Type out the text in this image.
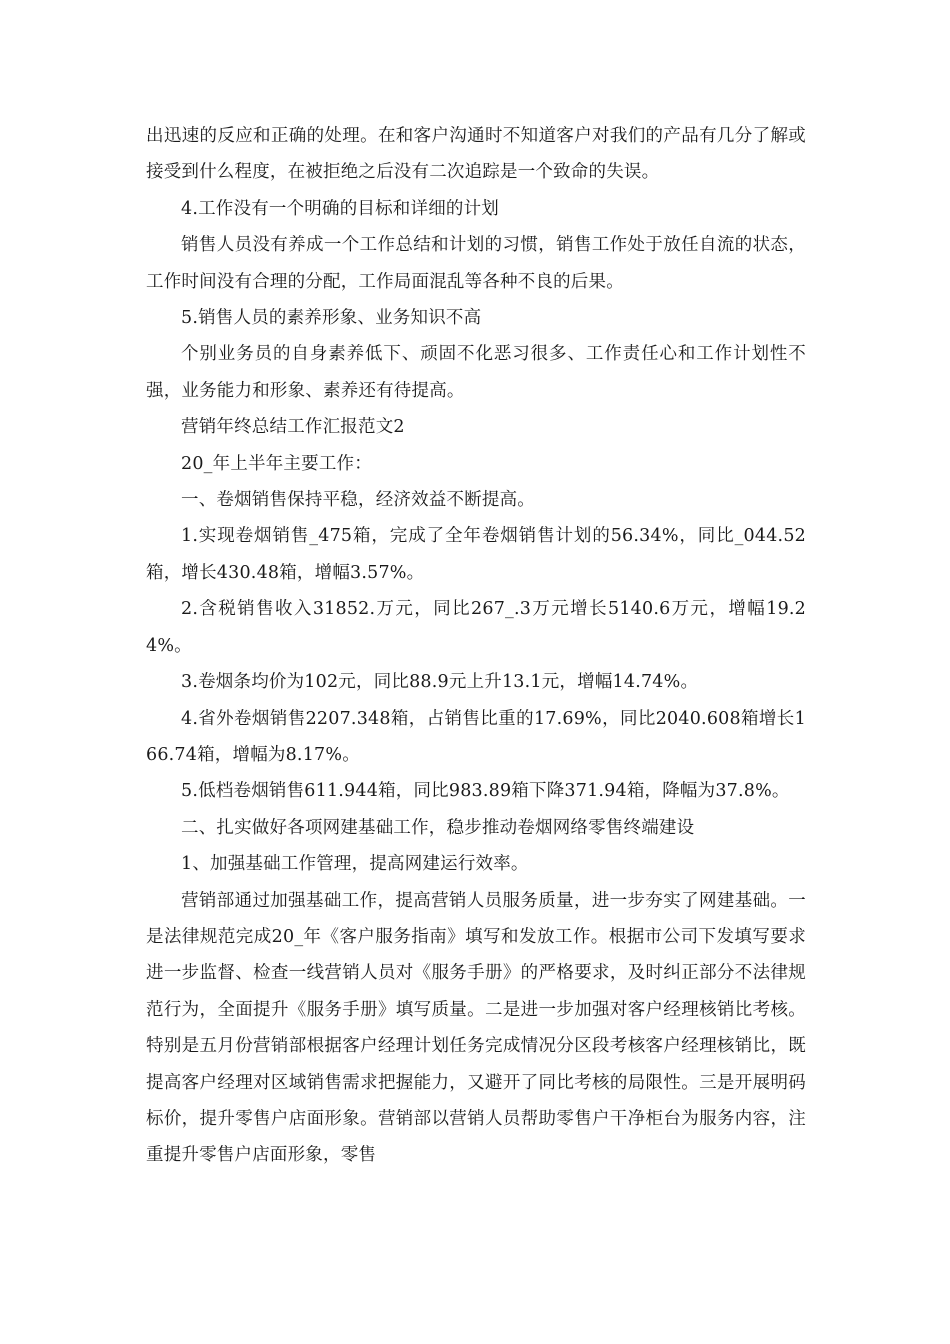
出迅速的反应和正确的处理。在和客户沟通时不知道客户对我们的产品有几分了解或接受到什么程度，在被拒绝之后没有二次追踪是一个致命的失误。

4.工作没有一个明确的目标和详细的计划

销售人员没有养成一个工作总结和计划的习惯，销售工作处于放任自流的状态，工作时间没有合理的分配，工作局面混乱等各种不良的后果。

5.销售人员的素养形象、业务知识不高

个别业务员的自身素养低下、顽固不化恶习很多、工作责任心和工作计划性不强，业务能力和形象、素养还有待提高。

营销年终总结工作汇报范文2

20_年上半年主要工作：

一、卷烟销售保持平稳，经济效益不断提高。

1.实现卷烟销售_475箱，完成了全年卷烟销售计划的56.34%，同比_044.52箱，增长430.48箱，增幅3.57%。

2.含税销售收入31852.万元，同比267_.3万元增长5140.6万元，增幅19.24%。

3.卷烟条均价为102元，同比88.9元上升13.1元，增幅14.74%。

4.省外卷烟销售2207.348箱，占销售比重的17.69%，同比2040.608箱增长166.74箱，增幅为8.17%。

5.低档卷烟销售611.944箱，同比983.89箱下降371.94箱，降幅为37.8%。

二、扎实做好各项网建基础工作，稳步推动卷烟网络零售终端建设

1、加强基础工作管理，提高网建运行效率。

营销部通过加强基础工作，提高营销人员服务质量，进一步夯实了网建基础。一是法律规范完成20_年《客户服务指南》填写和发放工作。根据市公司下发填写要求进一步监督、检查一线营销人员对《服务手册》的严格要求，及时纠正部分不法律规范行为，全面提升《服务手册》填写质量。二是进一步加强对客户经理核销比考核。特别是五月份营销部根据客户经理计划任务完成情况分区段考核客户经理核销比，既提高客户经理对区域销售需求把握能力，又避开了同比考核的局限性。三是开展明码标价，提升零售户店面形象。营销部以营销人员帮助零售户干净柜台为服务内容，注重提升零售户店面形象，零售
